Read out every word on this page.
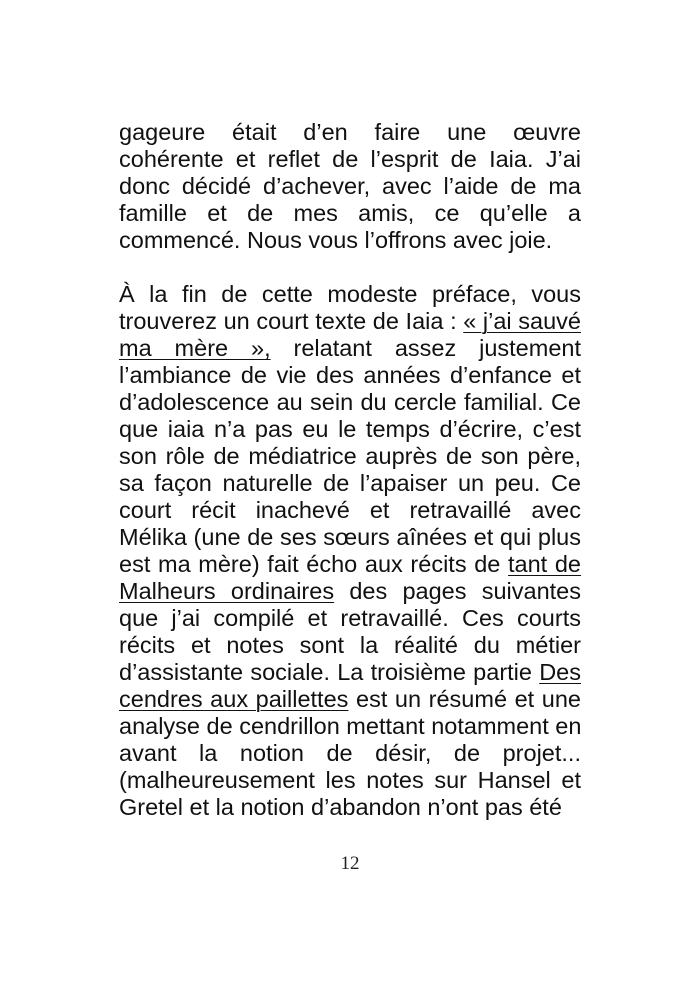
gageure était d’en faire une œuvre
cohérente et reflet de l’esprit de Iaia. J’ai
donc décidé d’achever, avec l’aide de ma
famille et de mes amis, ce qu’elle a
commencé. Nous vous l’offrons avec joie.
À la fin de cette modeste préface, vous
trouverez un court texte de Iaia : « j’ai sauvé
ma mère », relatant assez justement
l’ambiance de vie des années d’enfance et
d’adolescence au sein du cercle familial. Ce
que iaia n’a pas eu le temps d’écrire, c’est
son rôle de médiatrice auprès de son père,
sa façon naturelle de l’apaiser un peu. Ce
court récit inachevé et retravaillé avec
Mélika (une de ses sœurs aînées et qui plus
est ma mère) fait écho aux récits de tant de
Malheurs ordinaires des pages suivantes
que j’ai compilé et retravaillé. Ces courts
récits et notes sont la réalité du métier
d’assistante sociale. La troisième partie Des
cendres aux paillettes est un résumé et une
analyse de cendrillon mettant notamment en
avant la notion de désir, de projet...
(malheureusement les notes sur Hansel et
Gretel et la notion d’abandon n’ont pas été
12
